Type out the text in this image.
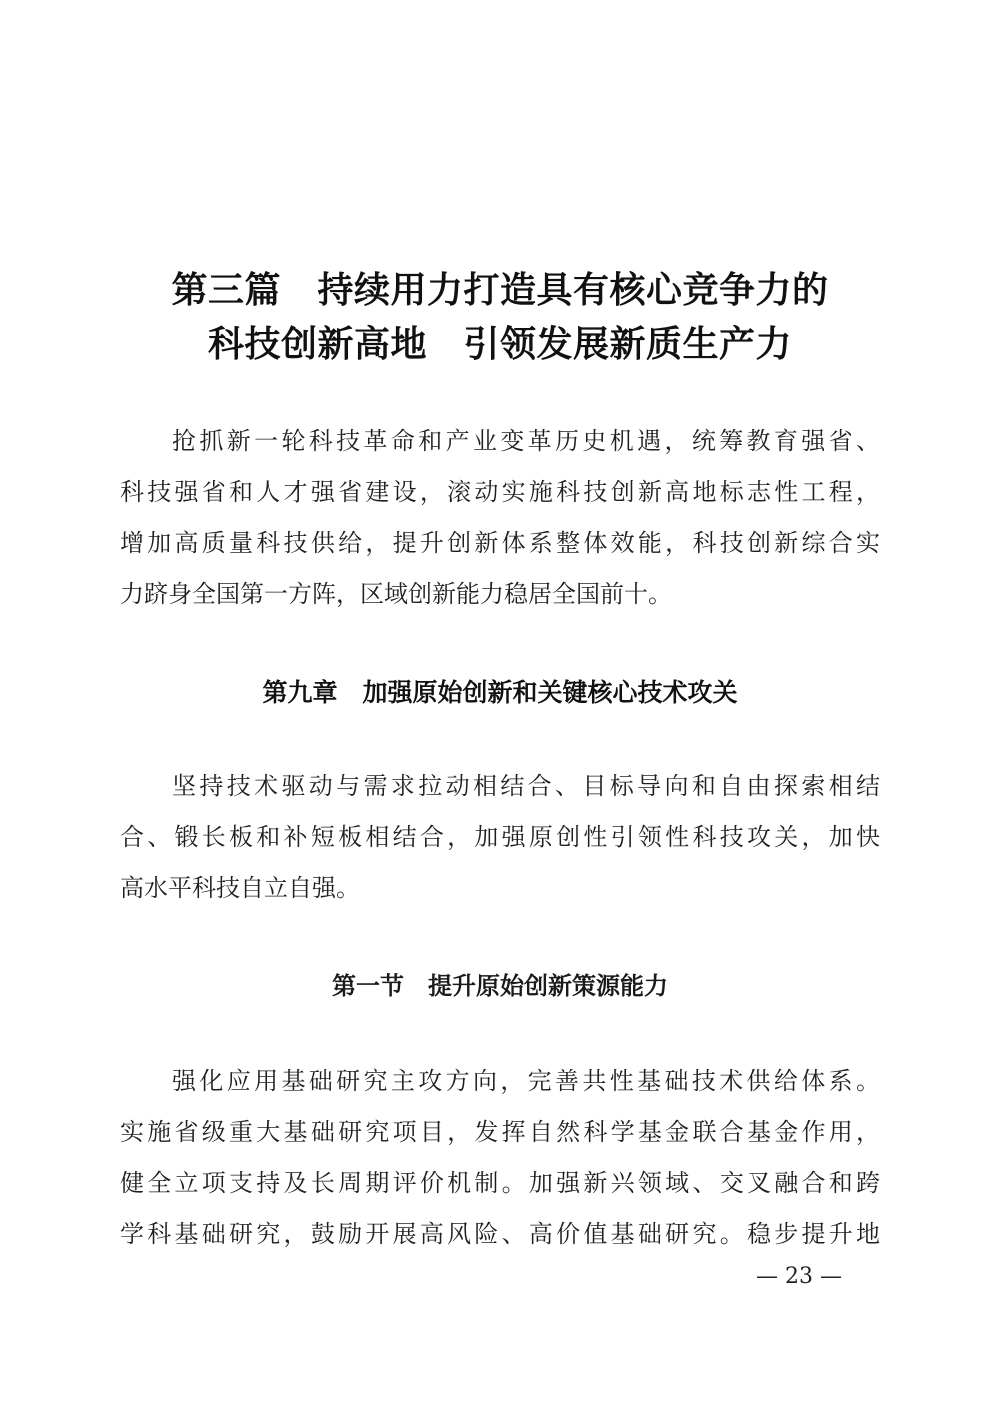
第三篇　持续用力打造具有核心竞争力的
科技创新高地　引领发展新质生产力
抢抓新一轮科技革命和产业变革历史机遇，统筹教育强省、
科技强省和人才强省建设，滚动实施科技创新高地标志性工程，
增加高质量科技供给，提升创新体系整体效能，科技创新综合实
力跻身全国第一方阵，区域创新能力稳居全国前十。
第九章　加强原始创新和关键核心技术攻关
坚持技术驱动与需求拉动相结合、目标导向和自由探索相结
合、锻长板和补短板相结合，加强原创性引领性科技攻关，加快
高水平科技自立自强。
第一节　提升原始创新策源能力
强化应用基础研究主攻方向，完善共性基础技术供给体系。
实施省级重大基础研究项目，发挥自然科学基金联合基金作用，
健全立项支持及长周期评价机制。加强新兴领域、交叉融合和跨
学科基础研究，鼓励开展高风险、高价值基础研究。稳步提升地
— 23 —
